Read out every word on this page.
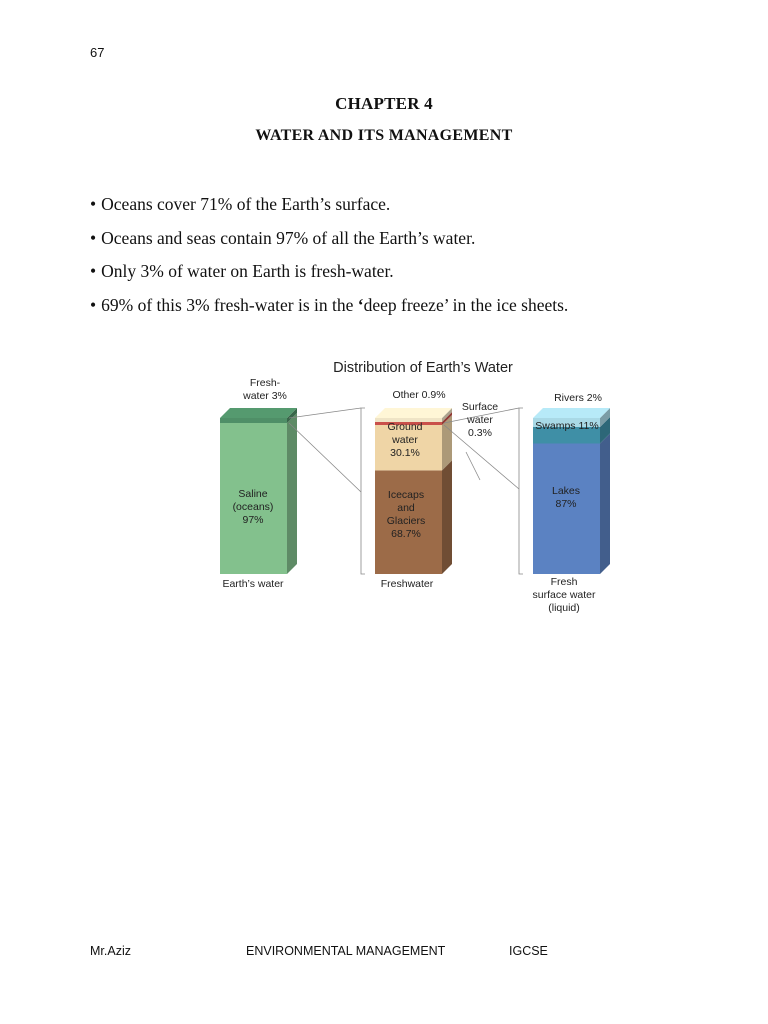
67
CHAPTER 4
WATER AND ITS MANAGEMENT
• Oceans cover 71% of the Earth’s surface.
• Oceans and seas contain 97% of all the Earth’s water.
• Only 3% of water on Earth is fresh-water.
• 69% of this 3% fresh-water is in the ‘deep freeze’ in the ice sheets.
Distribution of Earth’s Water
Earth’s water	Freshwater	Fresh surface water (liquid)
Saline (oceans) 97%
Fresh-water 3%
Icecaps and Glaciers 68.7%
Ground water 30.1%
Surface water 0.3%
Other 0.9%
Lakes 87%
Swamps 11%
Rivers 2%
Mr.Aziz	ENVIRONMENTAL MANAGEMENT	IGCSE
